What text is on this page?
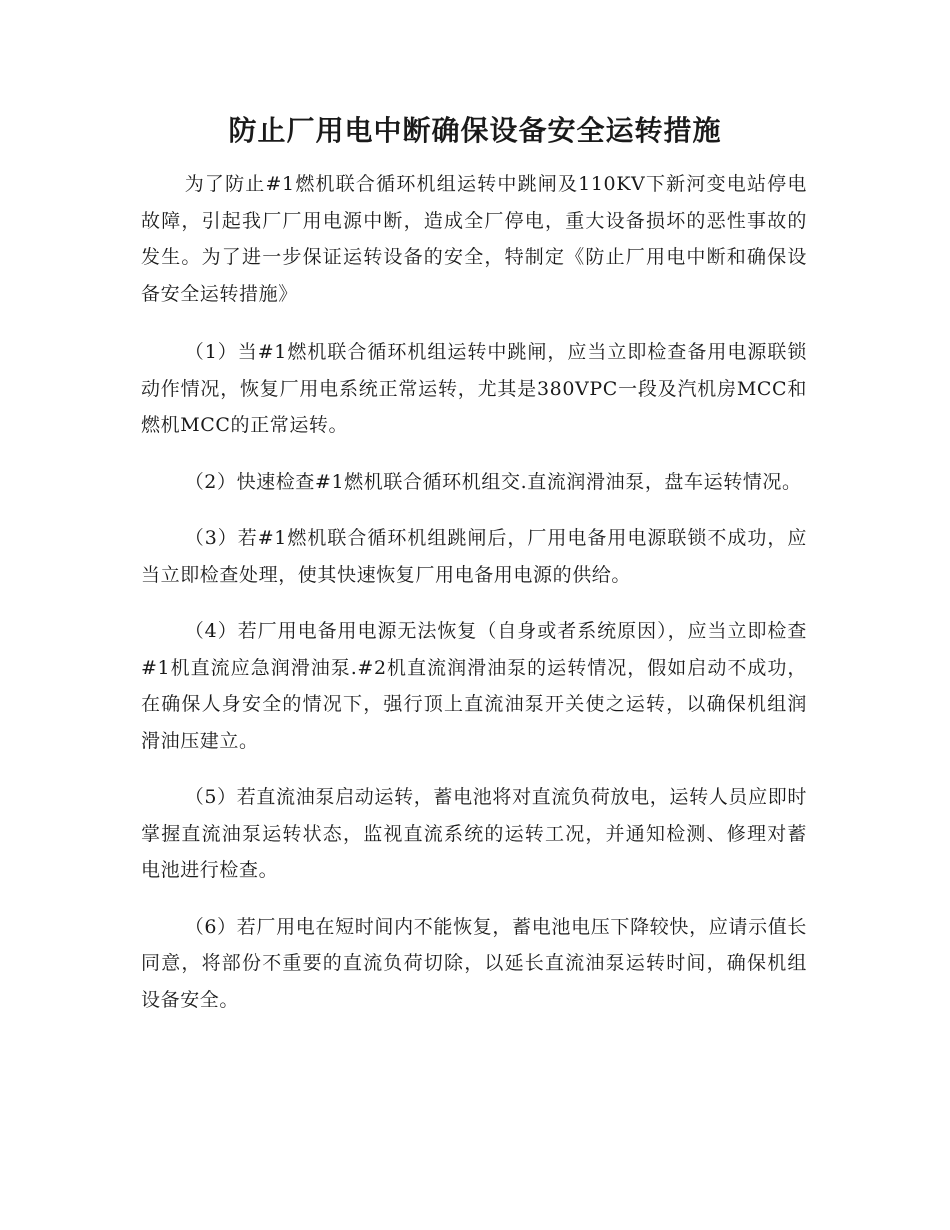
防止厂用电中断确保设备安全运转措施

为了防止#1燃机联合循环机组运转中跳闸及110KV下新河变电站停电故障，引起我厂厂用电源中断，造成全厂停电，重大设备损坏的恶性事故的发生。为了进一步保证运转设备的安全，特制定《防止厂用电中断和确保设备安全运转措施》

（1）当#1燃机联合循环机组运转中跳闸，应当立即检查备用电源联锁动作情况，恢复厂用电系统正常运转，尤其是380VPC一段及汽机房MCC和燃机MCC的正常运转。

（2）快速检查#1燃机联合循环机组交.直流润滑油泵，盘车运转情况。

（3）若#1燃机联合循环机组跳闸后，厂用电备用电源联锁不成功，应当立即检查处理，使其快速恢复厂用电备用电源的供给。

（4）若厂用电备用电源无法恢复（自身或者系统原因），应当立即检查#1机直流应急润滑油泵.#2机直流润滑油泵的运转情况，假如启动不成功，在确保人身安全的情况下，强行顶上直流油泵开关使之运转，以确保机组润滑油压建立。

（5）若直流油泵启动运转，蓄电池将对直流负荷放电，运转人员应即时掌握直流油泵运转状态，监视直流系统的运转工况，并通知检测、修理对蓄电池进行检查。

（6）若厂用电在短时间内不能恢复，蓄电池电压下降较快，应请示值长同意，将部份不重要的直流负荷切除，以延长直流油泵运转时间，确保机组设备安全。
